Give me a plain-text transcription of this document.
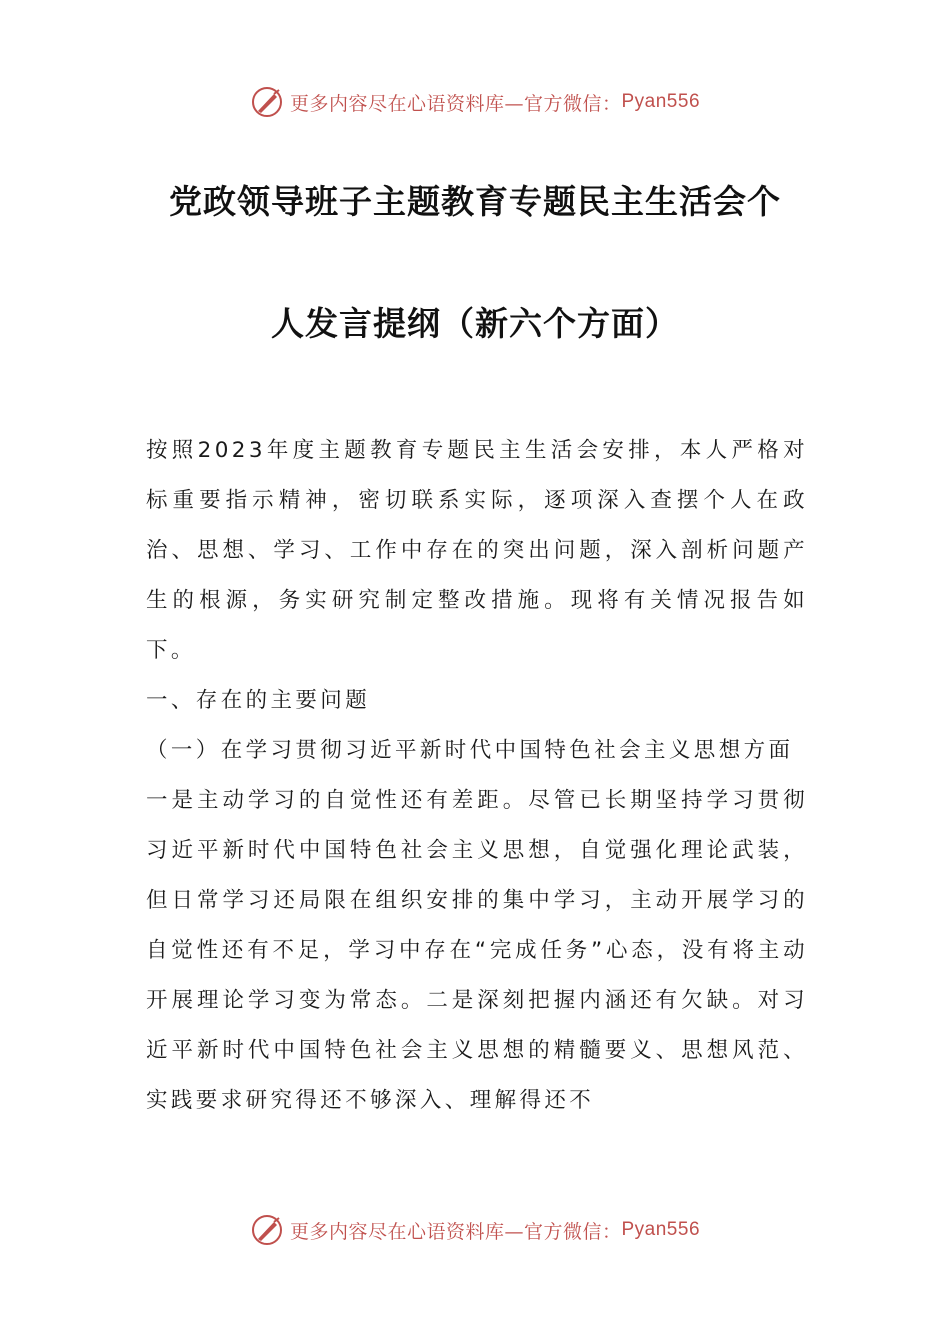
更多内容尽在心语资料库—官方微信： Pyan556
党政领导班子主题教育专题民主生活会个
人发言提纲（新六个方面）

按照2023年度主题教育专题民主生活会安排，本人严格对标重要指示精神，密切联系实际，逐项深入查摆个人在政治、思想、学习、工作中存在的突出问题，深入剖析问题产生的根源，务实研究制定整改措施。现将有关情况报告如下。

一、存在的主要问题

（一）在学习贯彻习近平新时代中国特色社会主义思想方面

一是主动学习的自觉性还有差距。尽管已长期坚持学习贯彻习近平新时代中国特色社会主义思想，自觉强化理论武装，但日常学习还局限在组织安排的集中学习，主动开展学习的自觉性还有不足，学习中存在“完成任务”心态，没有将主动开展理论学习变为常态。二是深刻把握内涵还有欠缺。对习近平新时代中国特色社会主义思想的精髓要义、思想风范、实践要求研究得还不够深入、理解得还不

更多内容尽在心语资料库—官方微信： Pyan556
